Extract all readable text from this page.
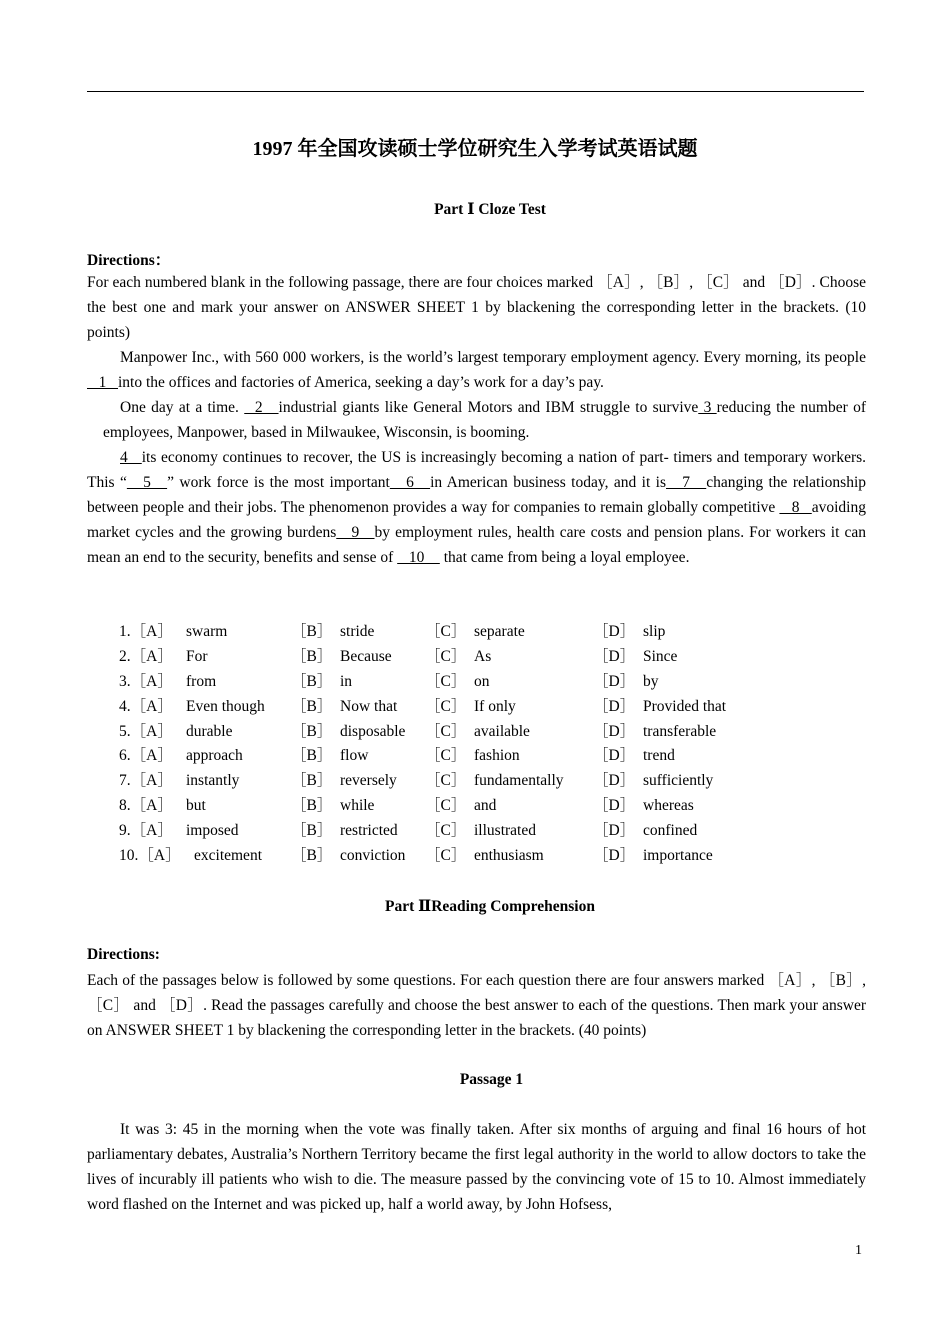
1997 年全国攻读硕士学位研究生入学考试英语试题
Part Ⅰ Cloze Test
Directions：

For each numbered blank in the following passage, there are four choices marked ［A］, ［B］, ［C］ and ［D］. Choose the best one and mark your answer on ANSWER SHEET 1 by blackening the corresponding letter in the brackets. (10 points)

Manpower Inc., with 560 000 workers, is the world’s largest temporary employment agency. Every morning, its people   1   into the offices and factories of America, seeking a day’s work for a day’s pay.

One day at a time.   2   industrial giants like General Motors and IBM struggle to survive 3 reducing the number of employees, Manpower, based in Milwaukee, Wisconsin, is booming.

4   its economy continues to recover, the US is increasingly becoming a nation of part- timers and temporary workers. This “   5   ” work force is the most important   6   in American business today, and it is   7   changing the relationship between people and their jobs. The phenomenon provides a way for companies to remain globally competitive    8   avoiding market cycles and the growing burdens   9   by employment rules, health care costs and pension plans. For workers it can mean an end to the security, benefits and sense of    10     that came from being a loyal employee.

1.［A］ swarm	［B］ stride	［C］ separate	［D］ slip
2.［A］ For	［B］ Because ［C］ As	［D］ Since
3.［A］ from	［B］ in	［C］ on	［D］ by
4.［A］ Even though ［B］ Now that ［C］ If only	［D］ Provided that
5.［A］ durable	［B］ disposable ［C］ available	［D］ transferable
6.［A］ approach	［B］ flow	［C］ fashion	［D］ trend
7.［A］ instantly	［B］ reversely ［C］ fundamentally ［D］ sufficiently
8.［A］ but	［B］ while	［C］ and	［D］ whereas
9.［A］ imposed	［B］ restricted ［C］ illustrated	［D］ confined
10.［A］ excitement ［B］ conviction ［C］ enthusiasm	［D］ importance
Part ⅡReading Comprehension
Directions:
Each of the passages below is followed by some questions. For each question there are four answers marked ［A］, ［B］, ［C］ and ［D］. Read the passages carefully and choose the best answer to each of the questions. Then mark your answer on ANSWER SHEET 1 by blackening the corresponding letter in the brackets. (40 points)
Passage 1

It was 3: 45 in the morning when the vote was finally taken. After six months of arguing and final 16 hours of hot parliamentary debates, Australia’s Northern Territory became the first legal authority in the world to allow doctors to take the lives of incurably ill patients who wish to die. The measure passed by the convincing vote of 15 to 10. Almost immediately word flashed on the Internet and was picked up, half a world away, by John Hofsess,

1
